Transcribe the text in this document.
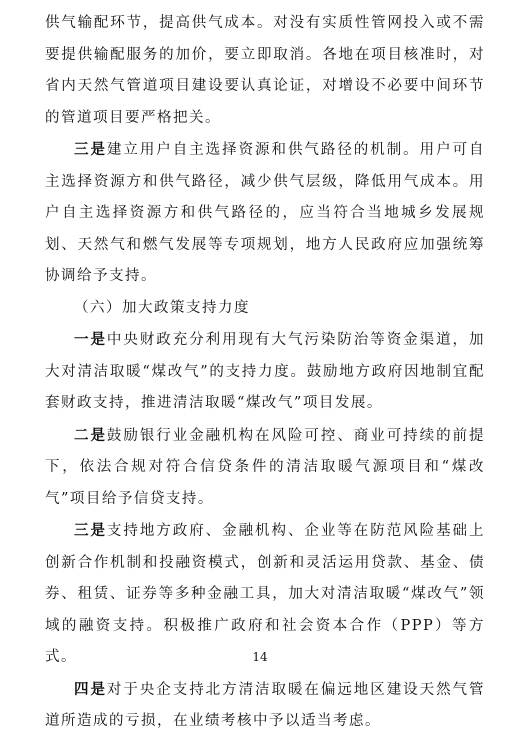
供气输配环节，提高供气成本。对没有实质性管网投入或不需要提供输配服务的加价，要立即取消。各地在项目核准时，对省内天然气管道项目建设要认真论证，对增设不必要中间环节的管道项目要严格把关。

三是建立用户自主选择资源和供气路径的机制。用户可自主选择资源方和供气路径，减少供气层级，降低用气成本。用户自主选择资源方和供气路径的，应当符合当地城乡发展规划、天然气和燃气发展等专项规划，地方人民政府应加强统筹协调给予支持。

（六）加大政策支持力度

一是中央财政充分利用现有大气污染防治等资金渠道，加大对清洁取暖“煤改气”的支持力度。鼓励地方政府因地制宜配套财政支持，推进清洁取暖“煤改气”项目发展。

二是鼓励银行业金融机构在风险可控、商业可持续的前提下，依法合规对符合信贷条件的清洁取暖气源项目和“煤改气”项目给予信贷支持。

三是支持地方政府、金融机构、企业等在防范风险基础上创新合作机制和投融资模式，创新和灵活运用贷款、基金、债券、租赁、证券等多种金融工具，加大对清洁取暖“煤改气”领域的融资支持。积极推广政府和社会资本合作（PPP）等方式。

四是对于央企支持北方清洁取暖在偏远地区建设天然气管道所造成的亏损，在业绩考核中予以适当考虑。

14
